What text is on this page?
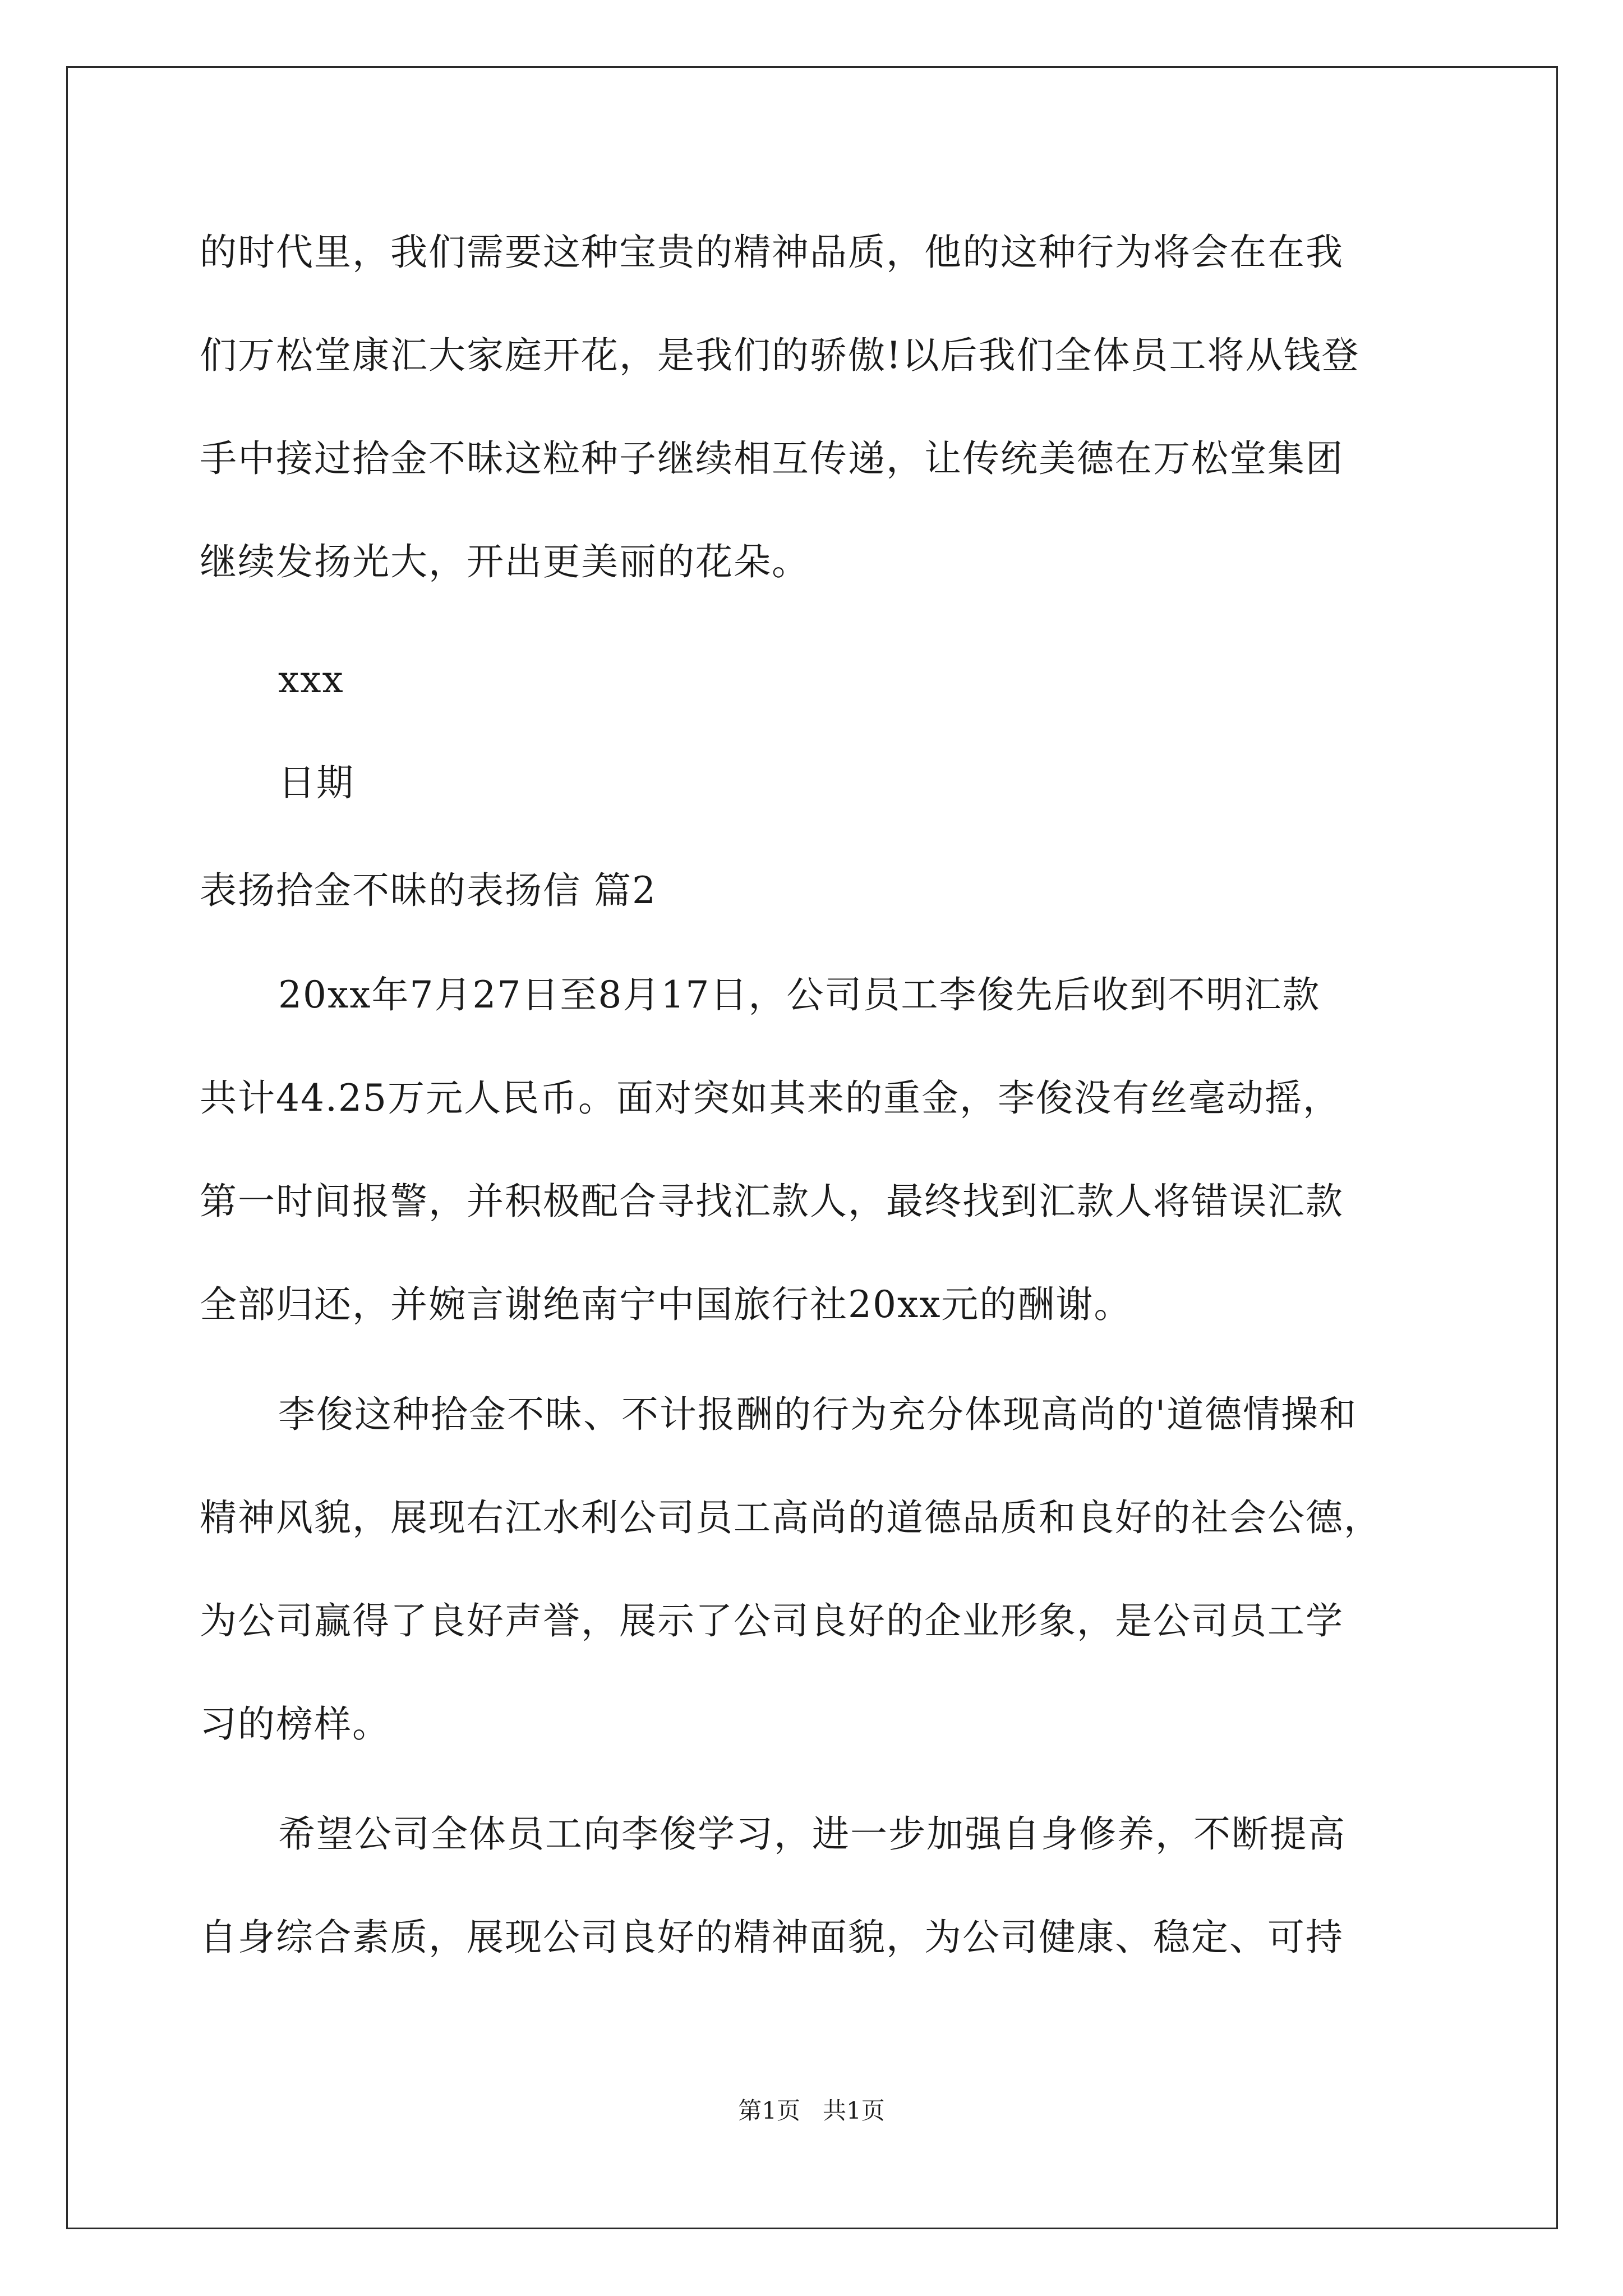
的时代里，我们需要这种宝贵的精神品质，他的这种行为将会在在我
们万松堂康汇大家庭开花，是我们的骄傲!以后我们全体员工将从钱登
手中接过拾金不昧这粒种子继续相互传递，让传统美德在万松堂集团
继续发扬光大，开出更美丽的花朵。
xxx
日期
表扬拾金不昧的表扬信 篇2
20xx年7月27日至8月17日，公司员工李俊先后收到不明汇款
共计44.25万元人民币。面对突如其来的重金，李俊没有丝毫动摇，
第一时间报警，并积极配合寻找汇款人，最终找到汇款人将错误汇款
全部归还，并婉言谢绝南宁中国旅行社20xx元的酬谢。
李俊这种拾金不昧、不计报酬的行为充分体现高尚的'道德情操和
精神风貌，展现右江水利公司员工高尚的道德品质和良好的社会公德，
为公司赢得了良好声誉，展示了公司良好的企业形象，是公司员工学
习的榜样。
希望公司全体员工向李俊学习，进一步加强自身修养，不断提高
自身综合素质，展现公司良好的精神面貌，为公司健康、稳定、可持
第1页   共1页
